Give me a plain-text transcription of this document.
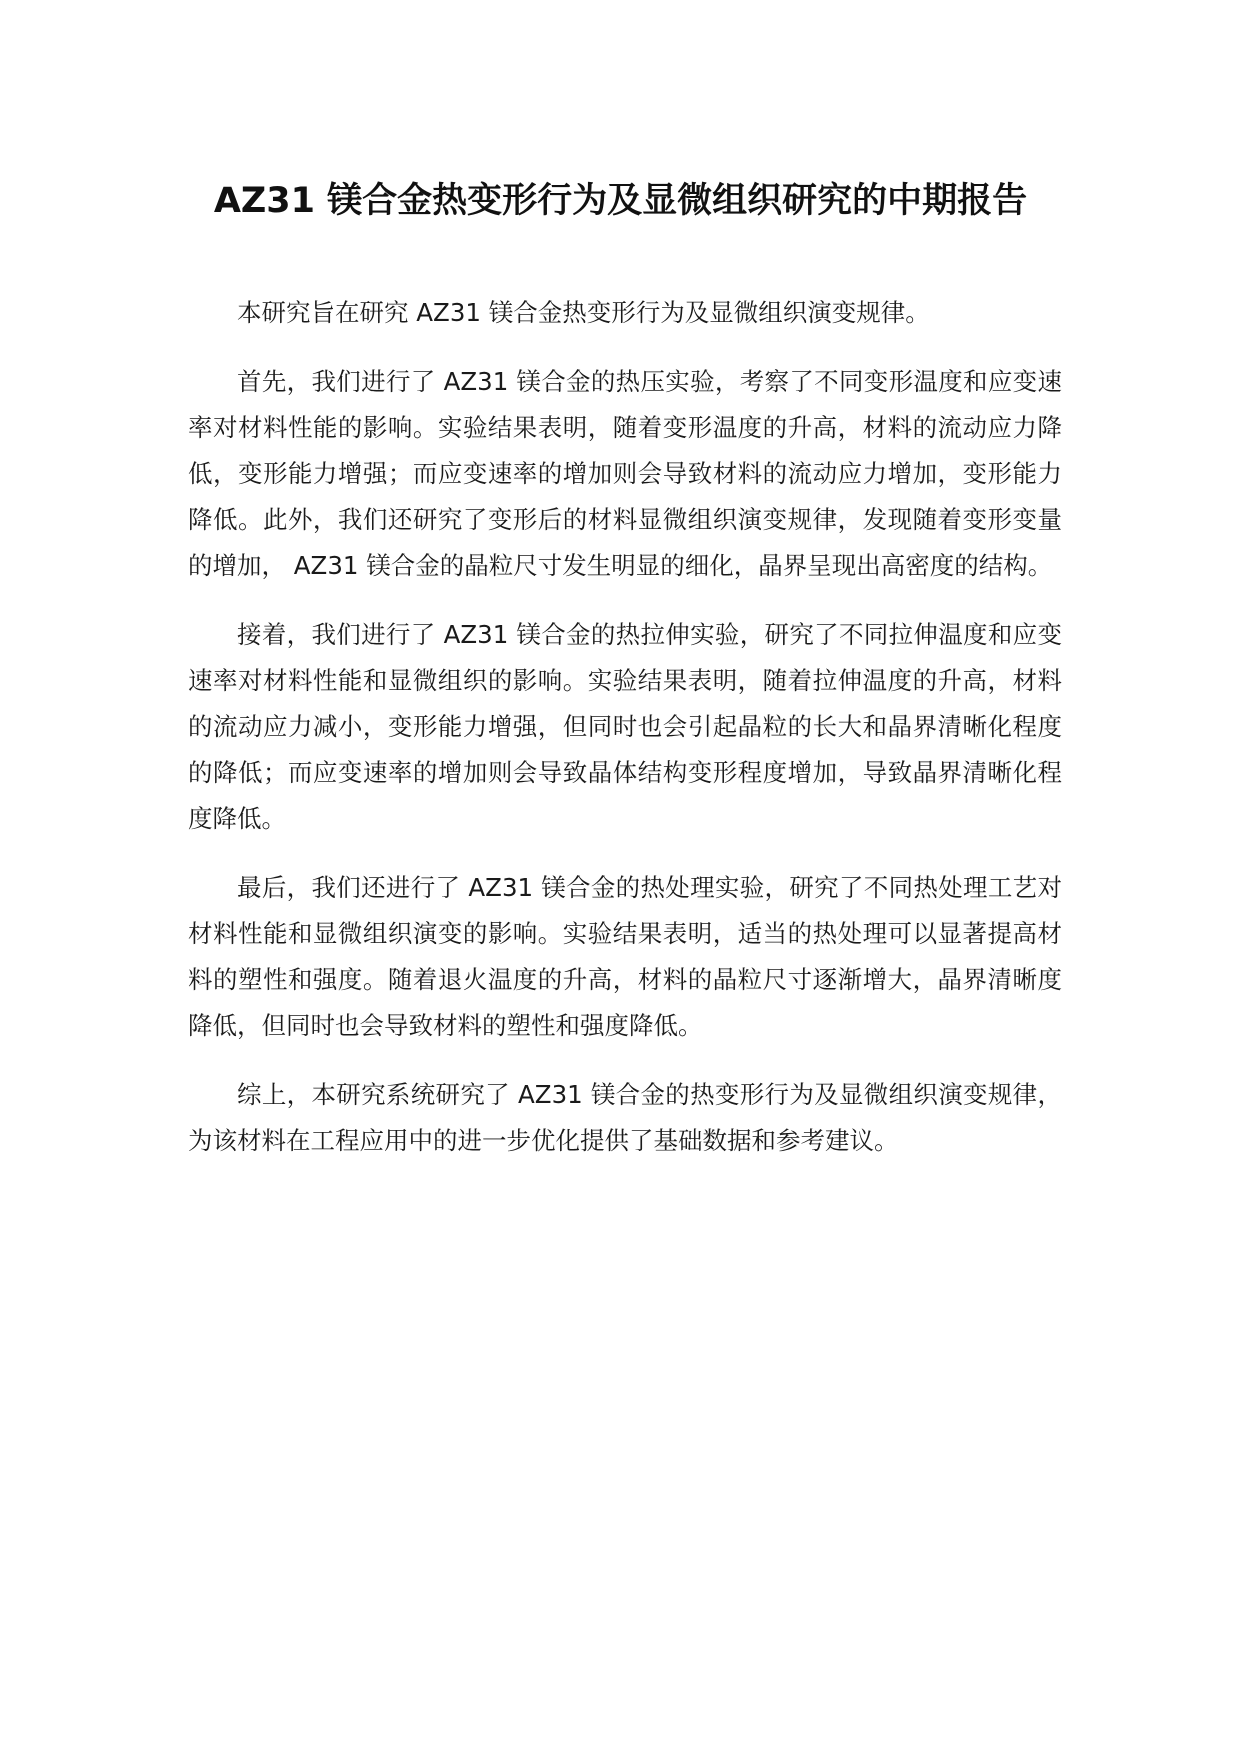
AZ31 镁合金热变形行为及显微组织研究的中期报告

本研究旨在研究 AZ31 镁合金热变形行为及显微组织演变规律。

首先，我们进行了 AZ31 镁合金的热压实验，考察了不同变形温度和应变速率对材料性能的影响。实验结果表明，随着变形温度的升高，材料的流动应力降低，变形能力增强；而应变速率的增加则会导致材料的流动应力增加，变形能力降低。此外，我们还研究了变形后的材料显微组织演变规律，发现随着变形变量的增加， AZ31 镁合金的晶粒尺寸发生明显的细化，晶界呈现出高密度的结构。

接着，我们进行了 AZ31 镁合金的热拉伸实验，研究了不同拉伸温度和应变速率对材料性能和显微组织的影响。实验结果表明，随着拉伸温度的升高，材料的流动应力减小，变形能力增强，但同时也会引起晶粒的长大和晶界清晰化程度的降低；而应变速率的增加则会导致晶体结构变形程度增加，导致晶界清晰化程度降低。

最后，我们还进行了 AZ31 镁合金的热处理实验，研究了不同热处理工艺对材料性能和显微组织演变的影响。实验结果表明，适当的热处理可以显著提高材料的塑性和强度。随着退火温度的升高，材料的晶粒尺寸逐渐增大，晶界清晰度降低，但同时也会导致材料的塑性和强度降低。

综上，本研究系统研究了 AZ31 镁合金的热变形行为及显微组织演变规律，为该材料在工程应用中的进一步优化提供了基础数据和参考建议。
